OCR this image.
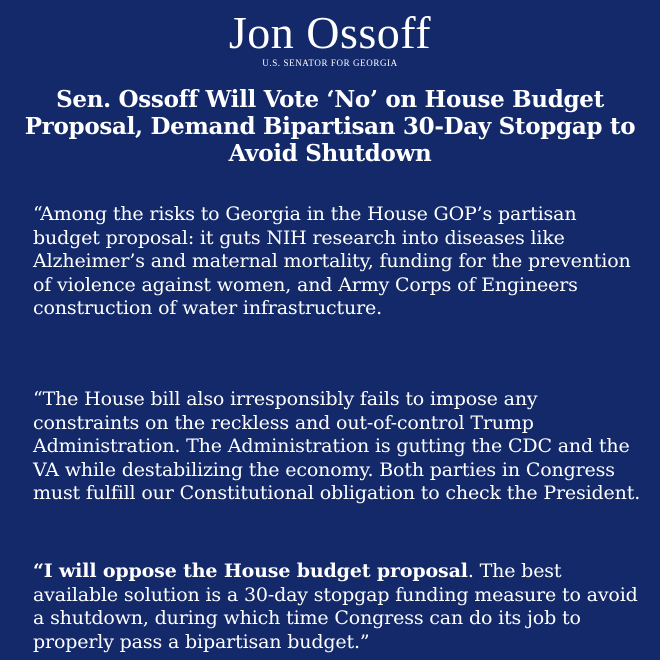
Jon Ossoff
U.S. SENATOR FOR GEORGIA
Sen. Ossoff Will Vote ‘No’ on House Budget Proposal, Demand Bipartisan 30-Day Stopgap to Avoid Shutdown

“Among the risks to Georgia in the House GOP’s partisan budget proposal: it guts NIH research into diseases like Alzheimer’s and maternal mortality, funding for the prevention of violence against women, and Army Corps of Engineers construction of water infrastructure.

“The House bill also irresponsibly fails to impose any constraints on the reckless and out-of-control Trump Administration. The Administration is gutting the CDC and the VA while destabilizing the economy. Both parties in Congress must fulfill our Constitutional obligation to check the President.

“I will oppose the House budget proposal. The best available solution is a 30-day stopgap funding measure to avoid a shutdown, during which time Congress can do its job to properly pass a bipartisan budget.”
